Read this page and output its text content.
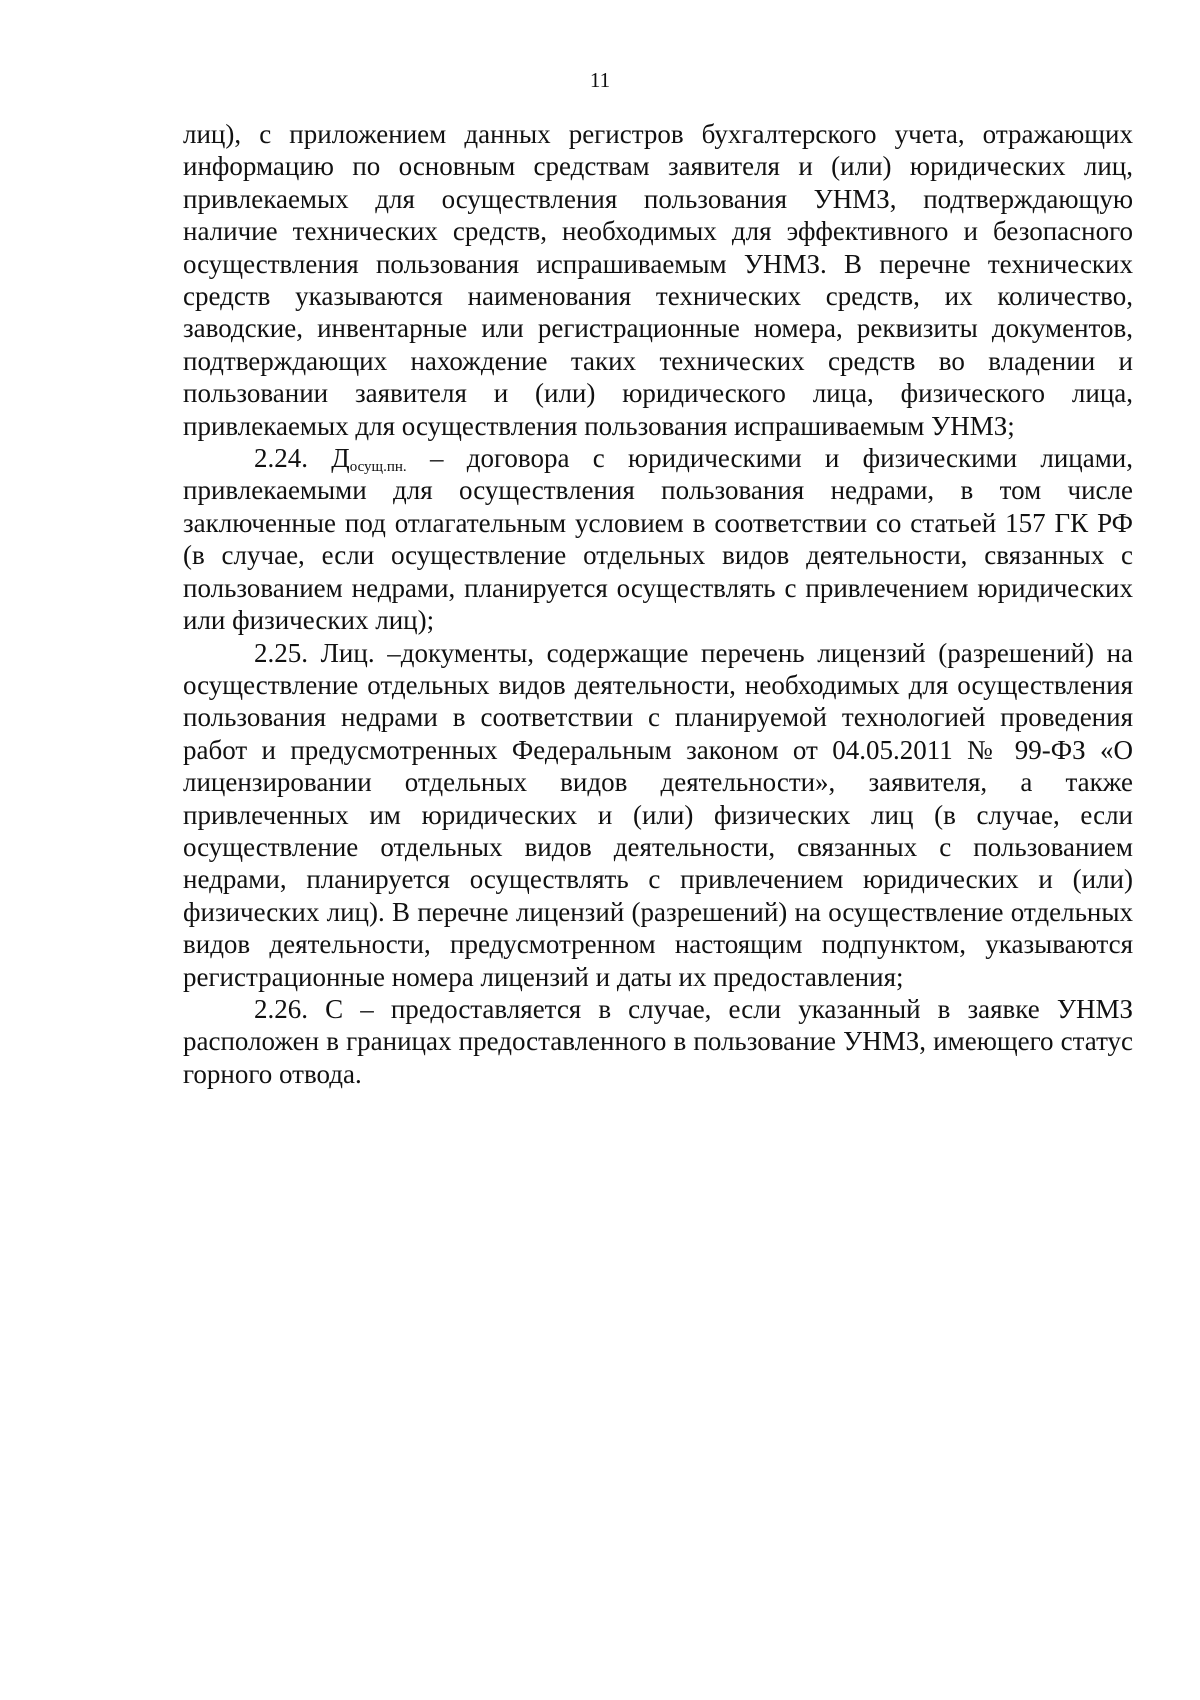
11

лиц), с приложением данных регистров бухгалтерского учета, отражающих информацию по основным средствам заявителя и (или) юридических лиц, привлекаемых для осуществления пользования УНМЗ, подтверждающую наличие технических средств, необходимых для эффективного и безопасного осуществления пользования испрашиваемым УНМЗ. В перечне технических средств указываются наименования технических средств, их количество, заводские, инвентарные или регистрационные номера, реквизиты документов, подтверждающих нахождение таких технических средств во владении и пользовании заявителя и (или) юридического лица, физического лица, привлекаемых для осуществления пользования испрашиваемым УНМЗ;

2.24. $Д_{осущ.пн.}$ – договора с юридическими и физическими лицами, привлекаемыми для осуществления пользования недрами, в том числе заключенные под отлагательным условием в соответствии со статьей 157 ГК РФ (в случае, если осуществление отдельных видов деятельности, связанных с пользованием недрами, планируется осуществлять с привлечением юридических или физических лиц);

2.25. Лиц. –документы, содержащие перечень лицензий (разрешений) на осуществление отдельных видов деятельности, необходимых для осуществления пользования недрами в соответствии с планируемой технологией проведения работ и предусмотренных Федеральным законом от 04.05.2011 № 99-ФЗ «О лицензировании отдельных видов деятельности», заявителя, а также привлеченных им юридических и (или) физических лиц (в случае, если осуществление отдельных видов деятельности, связанных с пользованием недрами, планируется осуществлять с привлечением юридических и (или) физических лиц). В перечне лицензий (разрешений) на осуществление отдельных видов деятельности, предусмотренном настоящим подпунктом, указываются регистрационные номера лицензий и даты их предоставления;

2.26. С – предоставляется в случае, если указанный в заявке УНМЗ расположен в границах предоставленного в пользование УНМЗ, имеющего статус горного отвода.
